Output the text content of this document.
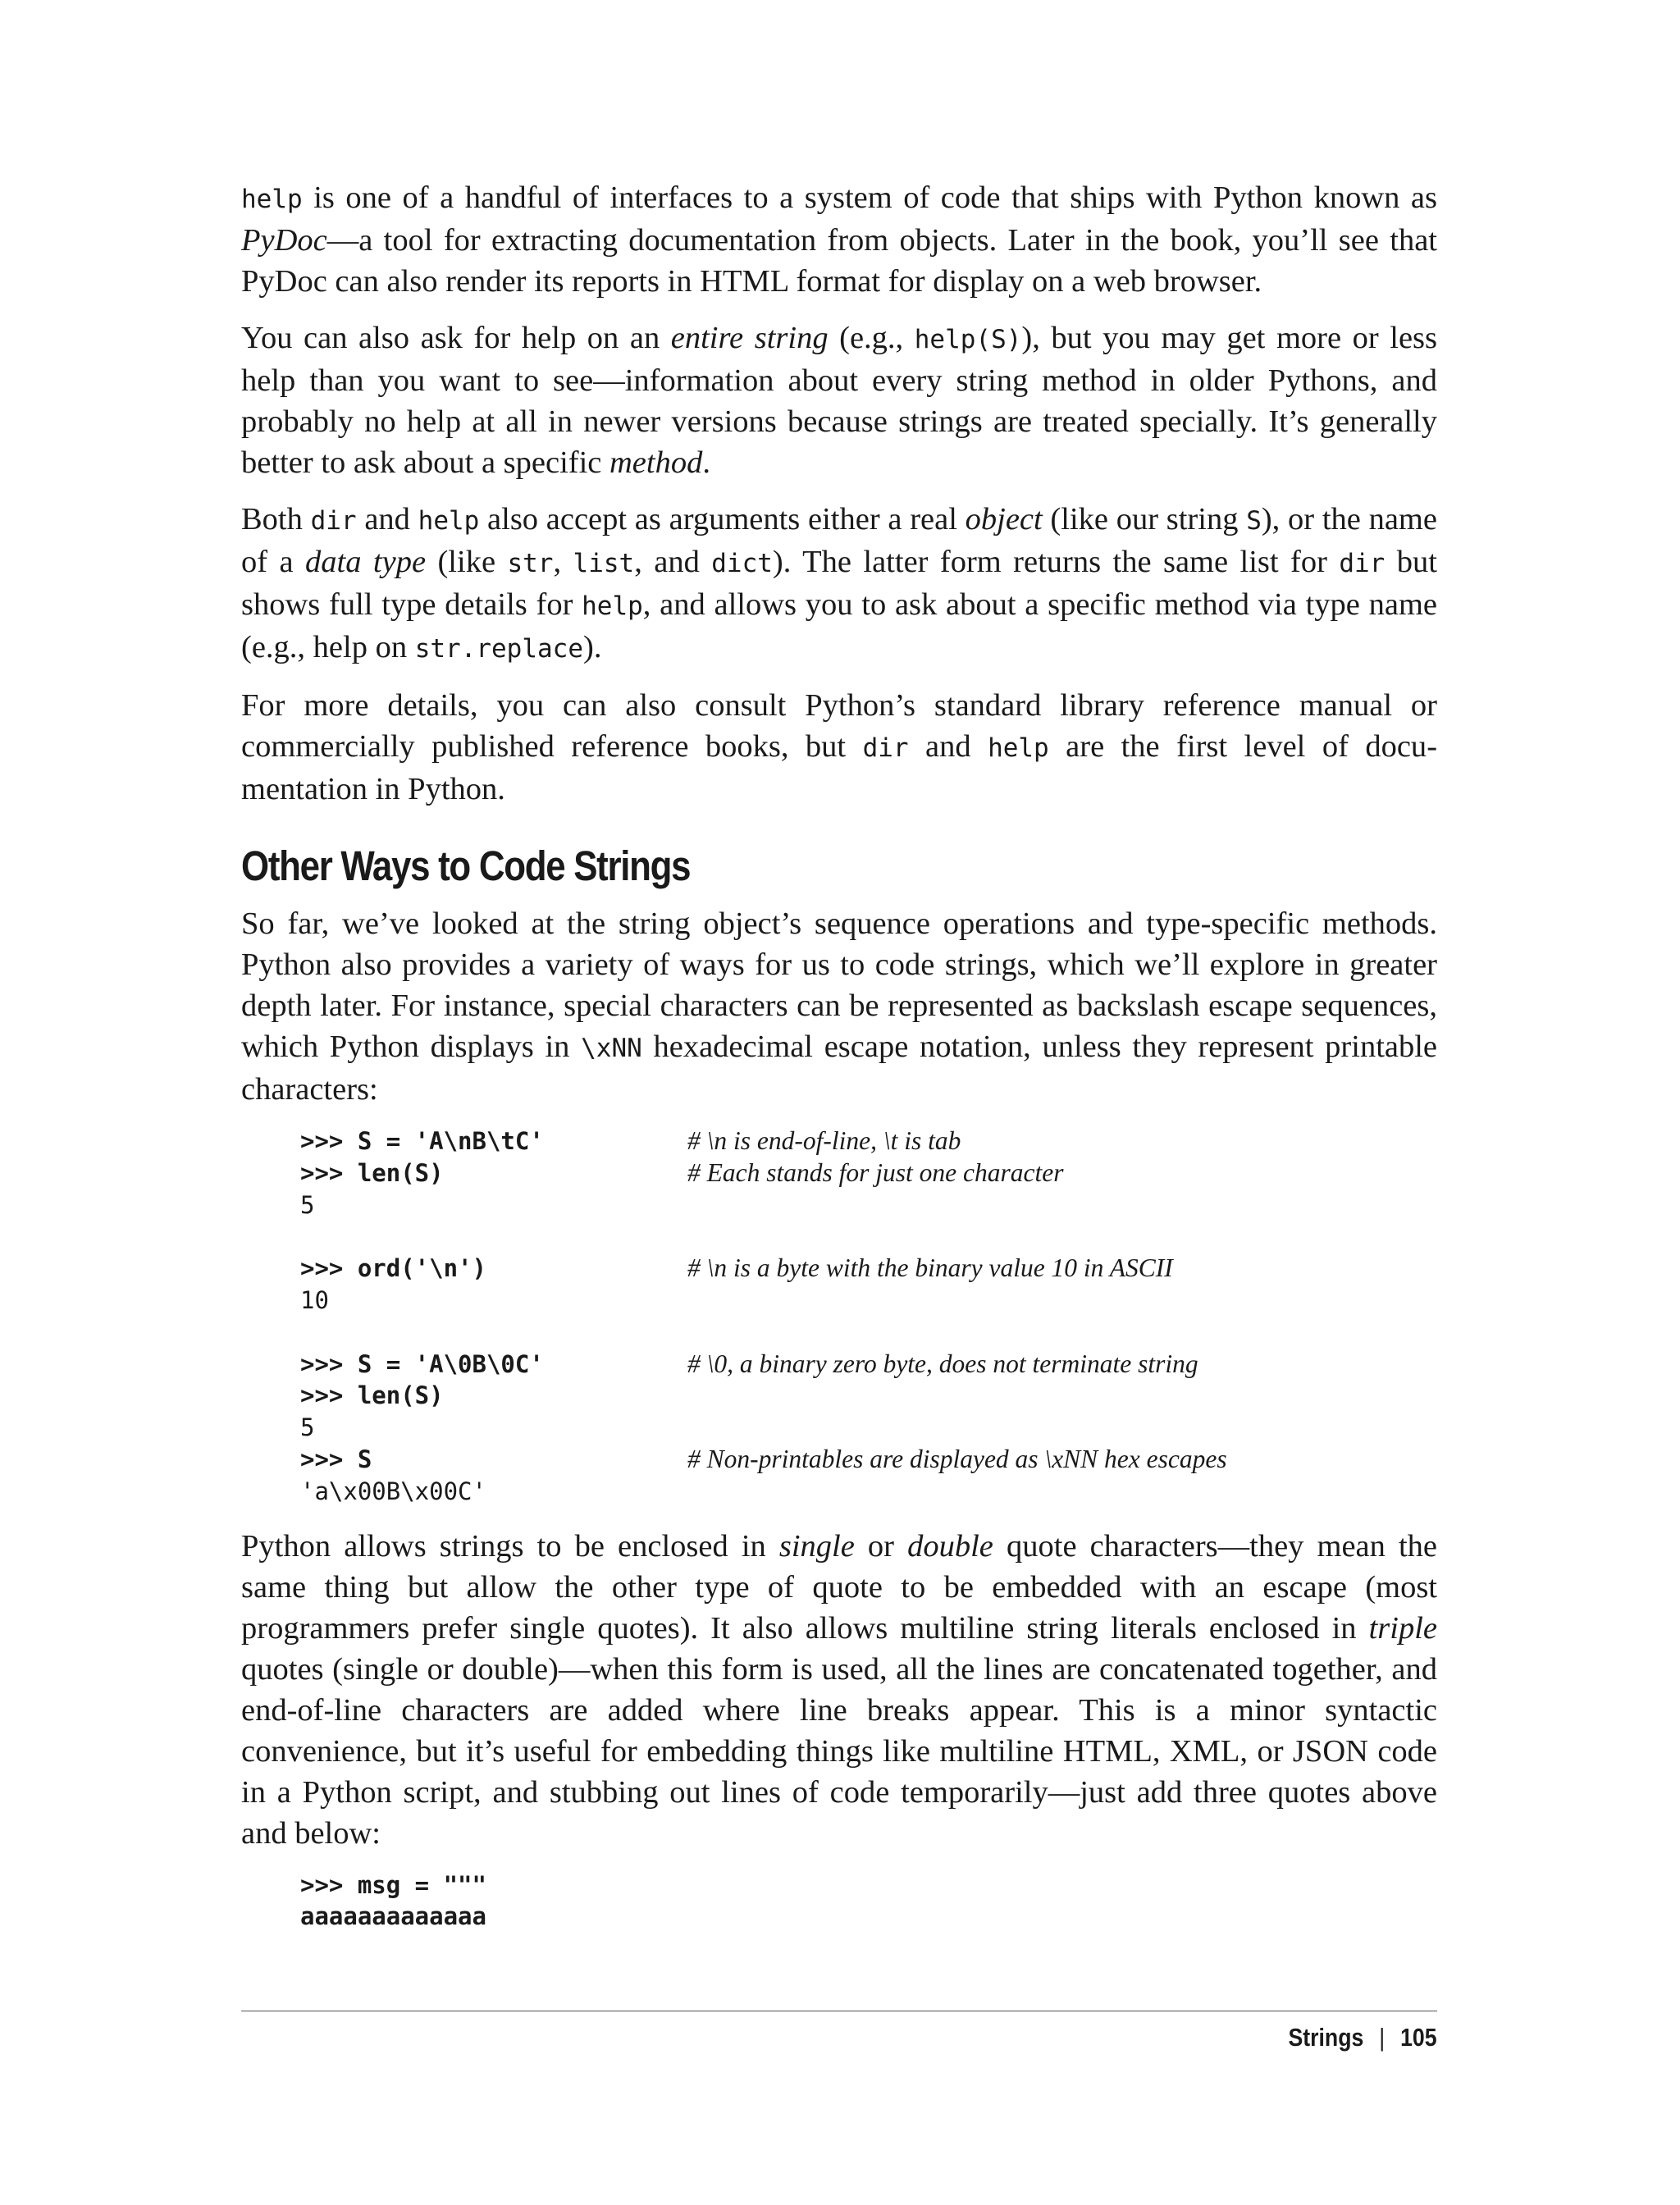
help is one of a handful of interfaces to a system of code that ships with Python known as PyDoc—a tool for extracting documentation from objects. Later in the book, you’ll see that PyDoc can also render its reports in HTML format for display on a web browser.

You can also ask for help on an entire string (e.g., help(S)), but you may get more or less help than you want to see—information about every string method in older Pythons, and probably no help at all in newer versions because strings are treated specially. It’s generally better to ask about a specific method.

Both dir and help also accept as arguments either a real object (like our string S), or the name of a data type (like str, list, and dict). The latter form returns the same list for dir but shows full type details for help, and allows you to ask about a specific method via type name (e.g., help on str.replace).

For more details, you can also consult Python’s standard library reference manual or commercially published reference books, but dir and help are the first level of documentation in Python.

Other Ways to Code Strings

So far, we’ve looked at the string object’s sequence operations and type-specific methods. Python also provides a variety of ways for us to code strings, which we’ll explore in greater depth later. For instance, special characters can be represented as backslash escape sequences, which Python displays in \xNN hexadecimal escape notation, unless they represent printable characters:

>>> S = 'A\nB\tC'	# \n is end-of-line, \t is tab
>>> len(S)	# Each stands for just one character
5
>>> ord('\n')	# \n is a byte with the binary value 10 in ASCII
10
>>> S = 'A\0B\0C'	# \0, a binary zero byte, does not terminate string
>>> len(S)
5
>>> S	# Non-printables are displayed as \xNN hex escapes
'a\x00B\x00C'

Python allows strings to be enclosed in single or double quote characters—they mean the same thing but allow the other type of quote to be embedded with an escape (most programmers prefer single quotes). It also allows multiline string literals enclosed in triple quotes (single or double)—when this form is used, all the lines are concatenated together, and end-of-line characters are added where line breaks appear. This is a minor syntactic convenience, but it’s useful for embedding things like multiline HTML, XML, or JSON code in a Python script, and stubbing out lines of code temporarily—just add three quotes above and below:

>>> msg = """
aaaaaaaaaaaaa
Strings | 105
